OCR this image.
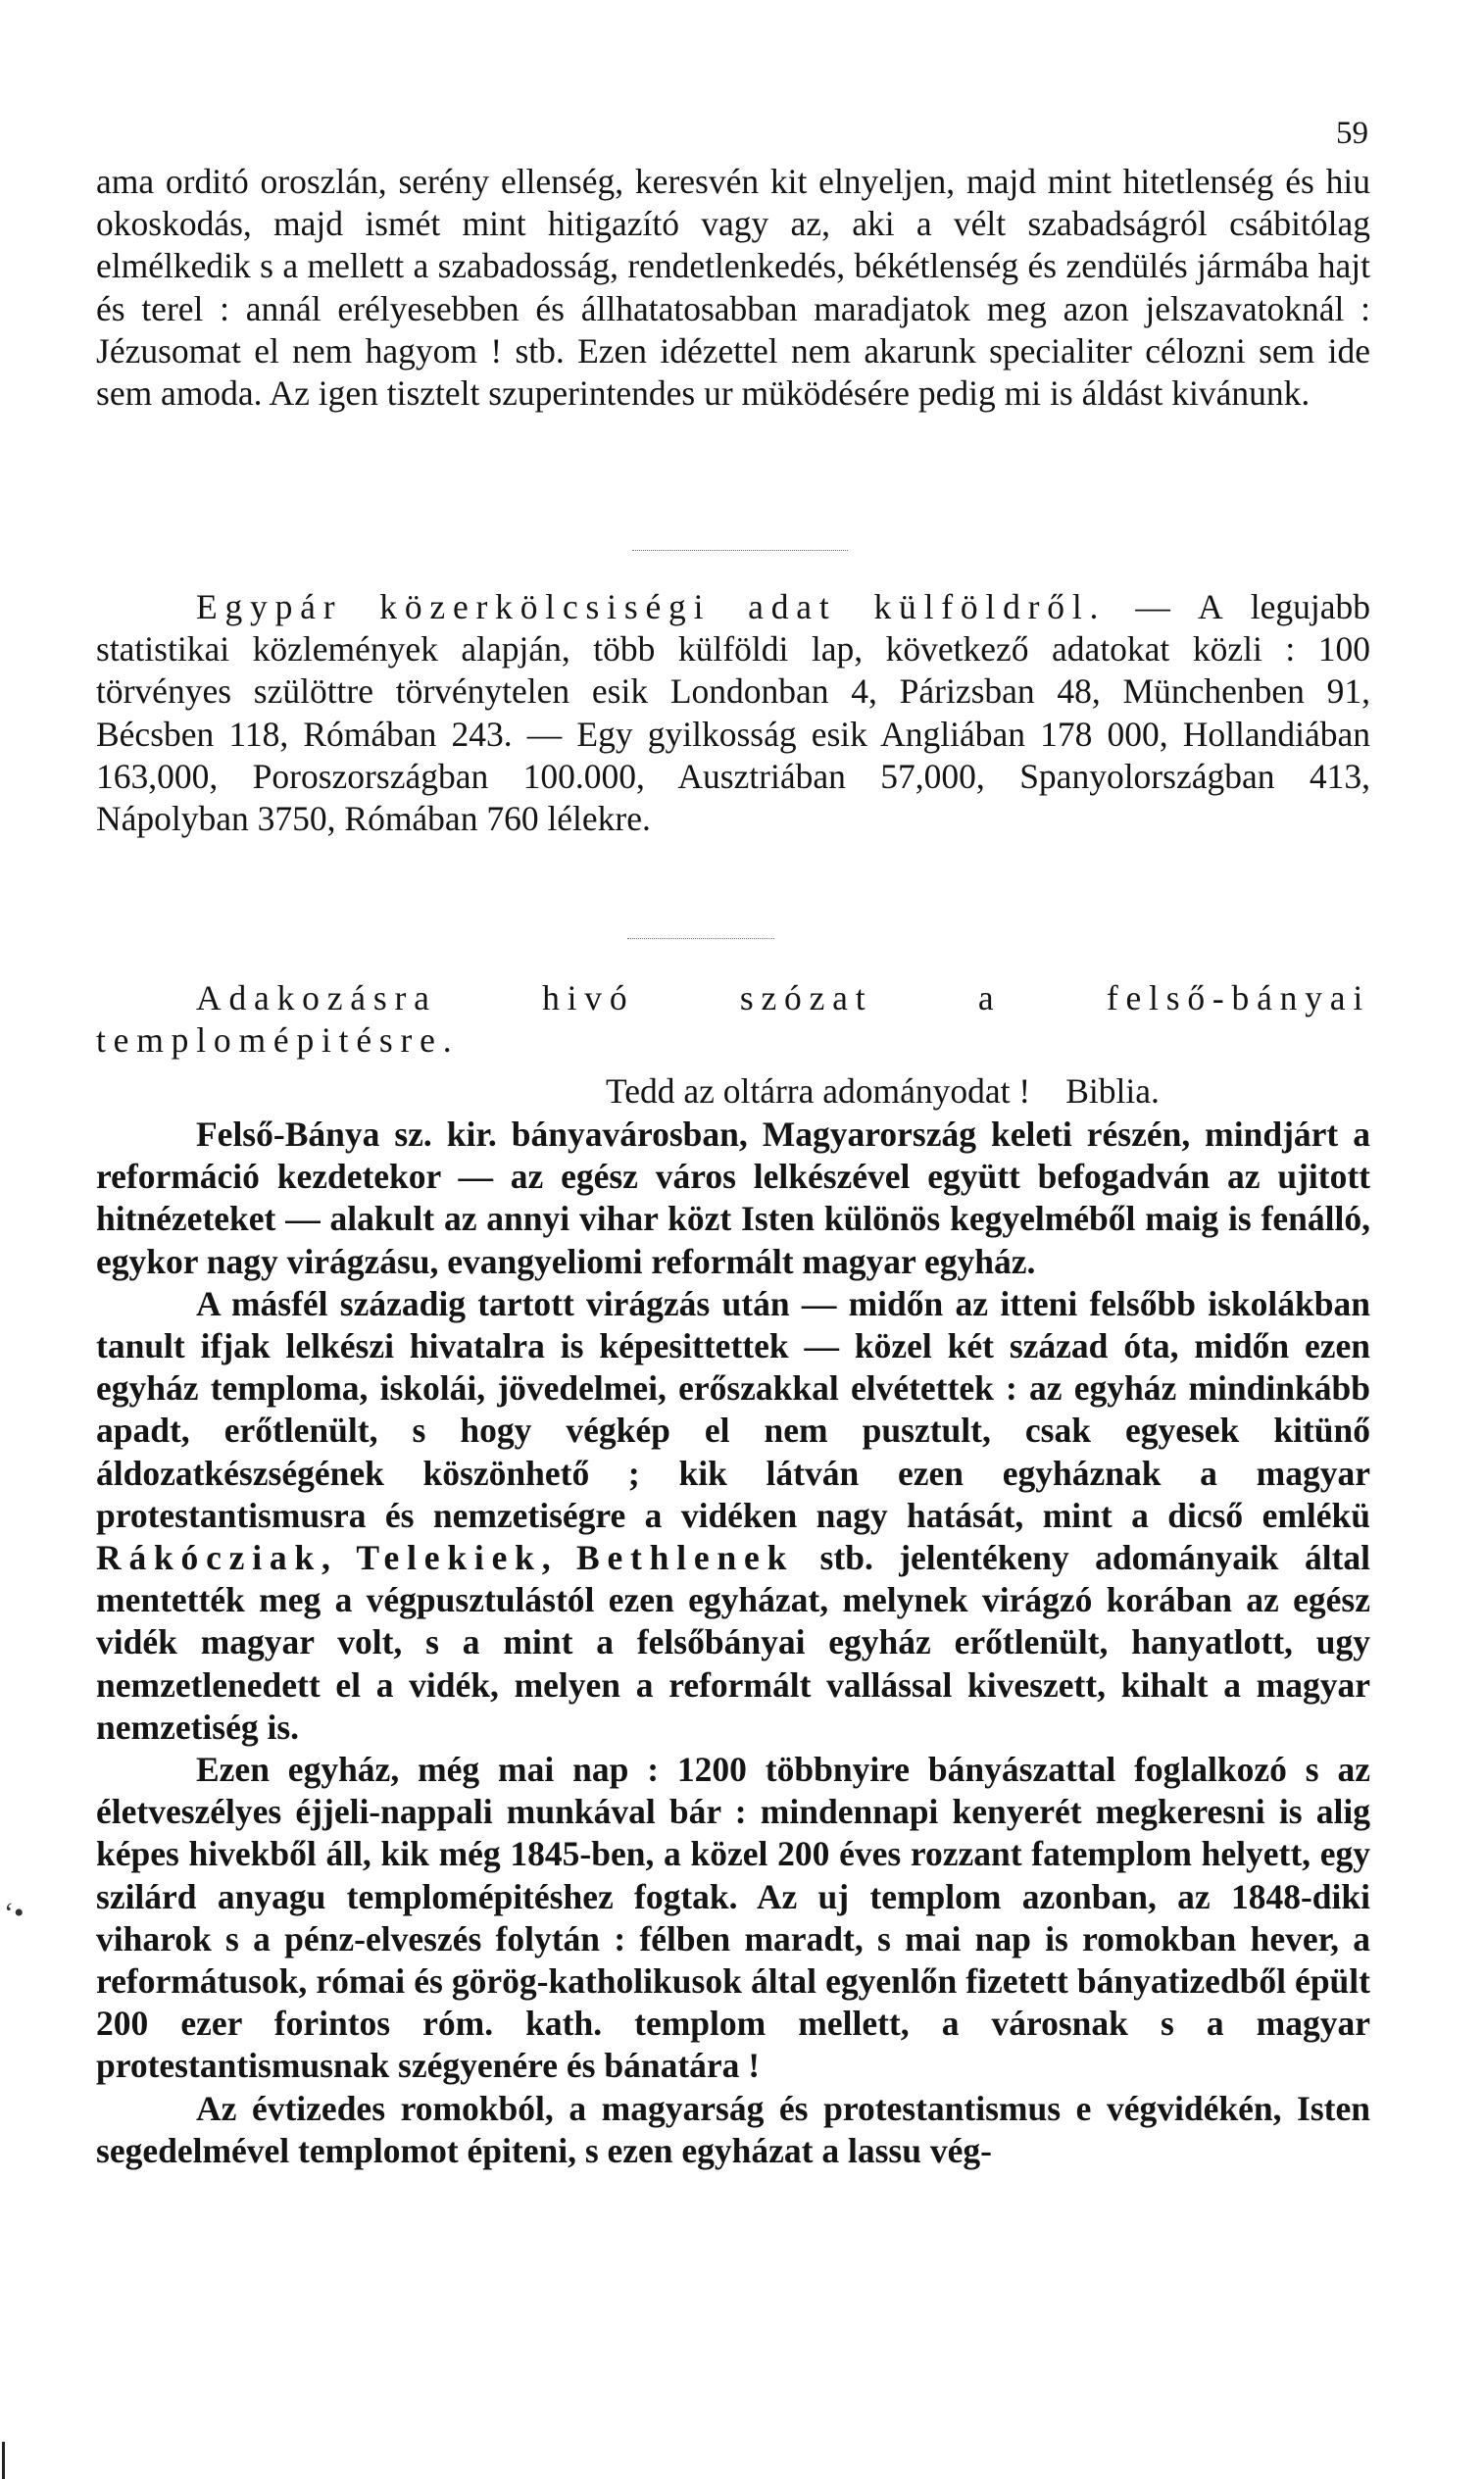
59

ama orditó oroszlán, serény ellenség, keresvén kit elnyeljen, majd mint hitetlenség és hiu okoskodás, majd ismét mint hitigazító vagy az, aki a vélt szabadságról csábitólag elmélkedik s a mellett a szabadosság, rendetlenkedés, békétlenség és zendülés jármába hajt és terel : annál erélyesebben és állhatatosabban maradjatok meg azon jelszavatoknál : Jézusomat el nem hagyom ! stb. Ezen idézettel nem akarunk specialiter célozni sem ide sem amoda. Az igen tisztelt szuperintendes ur müködésére pedig mi is áldást kivánunk.

Egypár közerkölcsiségi adat külföldről. — A legujabb statistikai közlemények alapján, több külföldi lap, következő adatokat közli : 100 törvényes szülöttre törvénytelen esik Londonban 4, Párizsban 48, Münchenben 91, Bécsben 118, Rómában 243. — Egy gyilkosság esik Angliában 178 000, Hollandiában 163,000, Poroszországban 100.000, Ausztriában 57,000, Spanyolországban 413, Nápolyban 3750, Rómában 760 lélekre.

Adakozásra hivó szózat a felső-bányai templomépitésre.

Tedd az oltárra adományodat ! Biblia.

Felső-Bánya sz. kir. bányavárosban, Magyarország keleti részén, mindjárt a reformáció kezdetekor — az egész város lelkészével együtt befogadván az ujitott hitnézeteket — alakult az annyi vihar közt Isten különös kegyelméből maig is fenálló, egykor nagy virágzásu, evangyeliomi reformált magyar egyház.

A másfél századig tartott virágzás után — midőn az itteni felsőbb iskolákban tanult ifjak lelkészi hivatalra is képesittettek — közel két század óta, midőn ezen egyház temploma, iskolái, jövedelmei, erőszakkal elvétettek : az egyház mindinkább apadt, erőtlenült, s hogy végkép el nem pusztult, csak egyesek kitünő áldozatkészségének köszönhető ; kik látván ezen egyháznak a magyar protestantismusra és nemzetiségre a vidéken nagy hatását, mint a dicső emlékü Rákócziak, Telekiek, Bethlenek stb. jelentékeny adományaik által mentették meg a végpusztulástól ezen egyházat, melynek virágzó korában az egész vidék magyar volt, s a mint a felsőbányai egyház erőtlenült, hanyatlott, ugy nemzetlenedett el a vidék, melyen a reformált vallással kiveszett, kihalt a magyar nemzetiség is.

Ezen egyház, még mai nap : 1200 többnyire bányászattal foglalkozó s az életveszélyes éjjeli-nappali munkával bár : mindennapi kenyerét megkeresni is alig képes hivekből áll, kik még 1845-ben, a közel 200 éves rozzant fatemplom helyett, egy szilárd anyagu templomépitéshez fogtak. Az uj templom azonban, az 1848-diki viharok s a pénz-elveszés folytán : félben maradt, s mai nap is romokban hever, a reformátusok, római és görög-katholikusok által egyenlőn fizetett bányatizedből épült 200 ezer forintos róm. kath. templom mellett, a városnak s a magyar protestantismusnak szégyenére és bánatára !

Az évtizedes romokból, a magyarság és protestantismus e végvidékén, Isten segedelmével templomot épiteni, s ezen egyházat a lassu vég-

ʻ•
